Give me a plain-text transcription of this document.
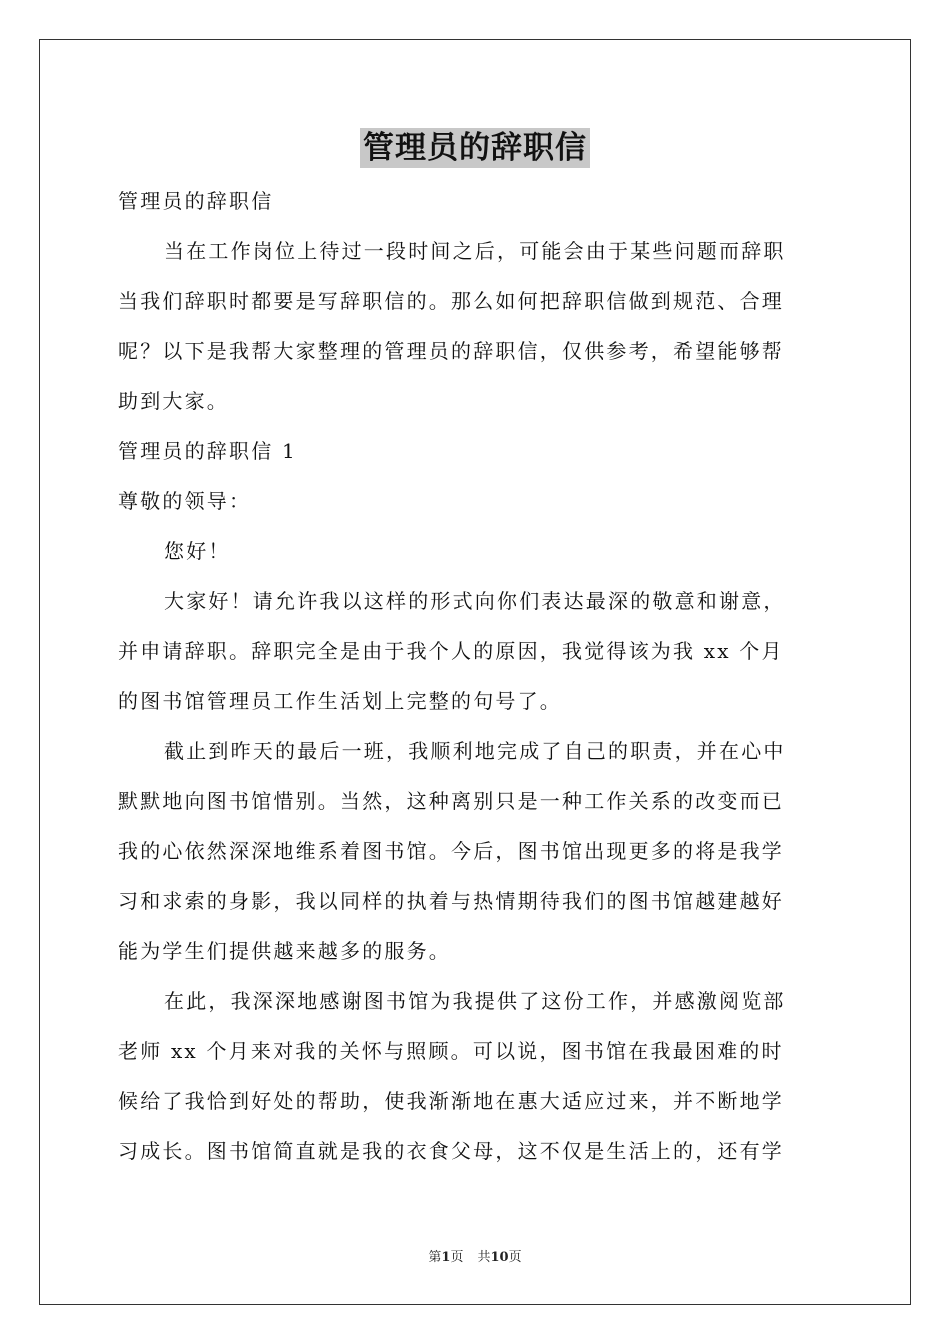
管理员的辞职信
管理员的辞职信
当在工作岗位上待过一段时间之后，可能会由于某些问题而辞职
当我们辞职时都要是写辞职信的。那么如何把辞职信做到规范、合理
呢？以下是我帮大家整理的管理员的辞职信，仅供参考，希望能够帮
助到大家。
管理员的辞职信 1
尊敬的领导：
您好！
大家好！请允许我以这样的形式向你们表达最深的敬意和谢意，
并申请辞职。辞职完全是由于我个人的原因，我觉得该为我 xx 个月
的图书馆管理员工作生活划上完整的句号了。
截止到昨天的最后一班，我顺利地完成了自己的职责，并在心中
默默地向图书馆惜别。当然，这种离别只是一种工作关系的改变而已
我的心依然深深地维系着图书馆。今后，图书馆出现更多的将是我学
习和求索的身影，我以同样的执着与热情期待我们的图书馆越建越好
能为学生们提供越来越多的服务。
在此，我深深地感谢图书馆为我提供了这份工作，并感激阅览部
老师 xx 个月来对我的关怀与照顾。可以说，图书馆在我最困难的时
候给了我恰到好处的帮助，使我渐渐地在惠大适应过来，并不断地学
习成长。图书馆简直就是我的衣食父母，这不仅是生活上的，还有学
第1页 共10页
